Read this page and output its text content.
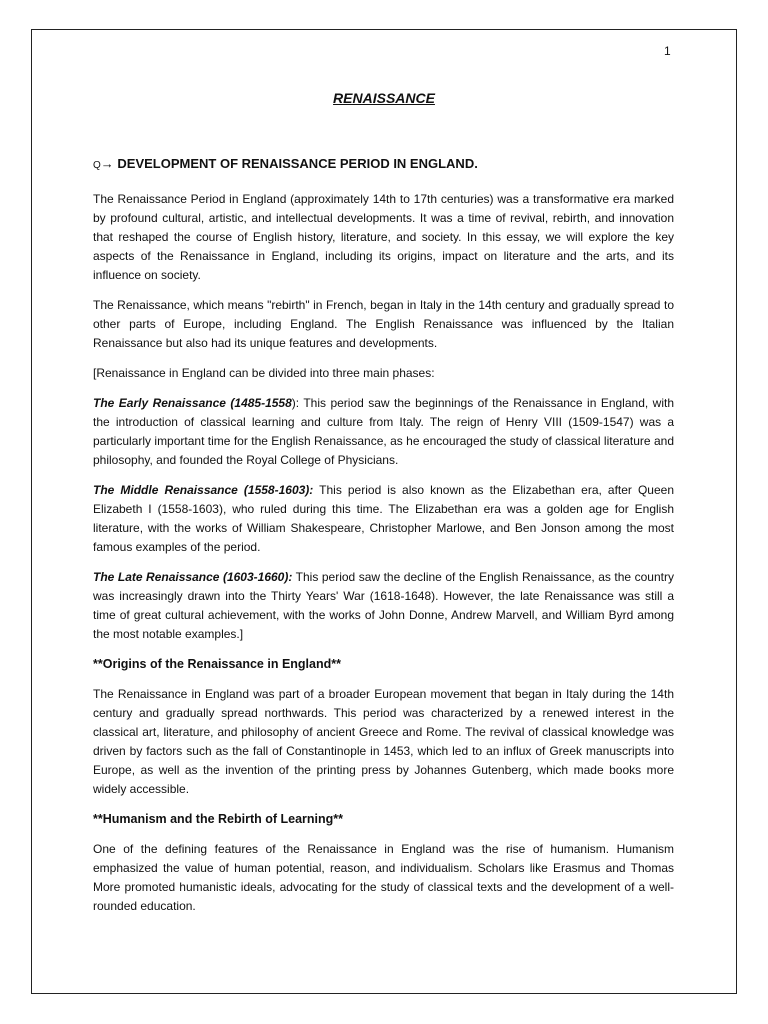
1
RENAISSANCE
Q→ DEVELOPMENT OF RENAISSANCE PERIOD IN ENGLAND.

The Renaissance Period in England (approximately 14th to 17th centuries) was a transformative era marked by profound cultural, artistic, and intellectual developments. It was a time of revival, rebirth, and innovation that reshaped the course of English history, literature, and society. In this essay, we will explore the key aspects of the Renaissance in England, including its origins, impact on literature and the arts, and its influence on society.

The Renaissance, which means "rebirth" in French, began in Italy in the 14th century and gradually spread to other parts of Europe, including England. The English Renaissance was influenced by the Italian Renaissance but also had its unique features and developments.

[Renaissance in England can be divided into three main phases:

The Early Renaissance (1485-1558): This period saw the beginnings of the Renaissance in England, with the introduction of classical learning and culture from Italy. The reign of Henry VIII (1509-1547) was a particularly important time for the English Renaissance, as he encouraged the study of classical literature and philosophy, and founded the Royal College of Physicians.

The Middle Renaissance (1558-1603): This period is also known as the Elizabethan era, after Queen Elizabeth I (1558-1603), who ruled during this time. The Elizabethan era was a golden age for English literature, with the works of William Shakespeare, Christopher Marlowe, and Ben Jonson among the most famous examples of the period.

The Late Renaissance (1603-1660): This period saw the decline of the English Renaissance, as the country was increasingly drawn into the Thirty Years' War (1618-1648). However, the late Renaissance was still a time of great cultural achievement, with the works of John Donne, Andrew Marvell, and William Byrd among the most notable examples.]

**Origins of the Renaissance in England**

The Renaissance in England was part of a broader European movement that began in Italy during the 14th century and gradually spread northwards. This period was characterized by a renewed interest in the classical art, literature, and philosophy of ancient Greece and Rome. The revival of classical knowledge was driven by factors such as the fall of Constantinople in 1453, which led to an influx of Greek manuscripts into Europe, as well as the invention of the printing press by Johannes Gutenberg, which made books more widely accessible.

**Humanism and the Rebirth of Learning**

One of the defining features of the Renaissance in England was the rise of humanism. Humanism emphasized the value of human potential, reason, and individualism. Scholars like Erasmus and Thomas More promoted humanistic ideals, advocating for the study of classical texts and the development of a well-rounded education.
